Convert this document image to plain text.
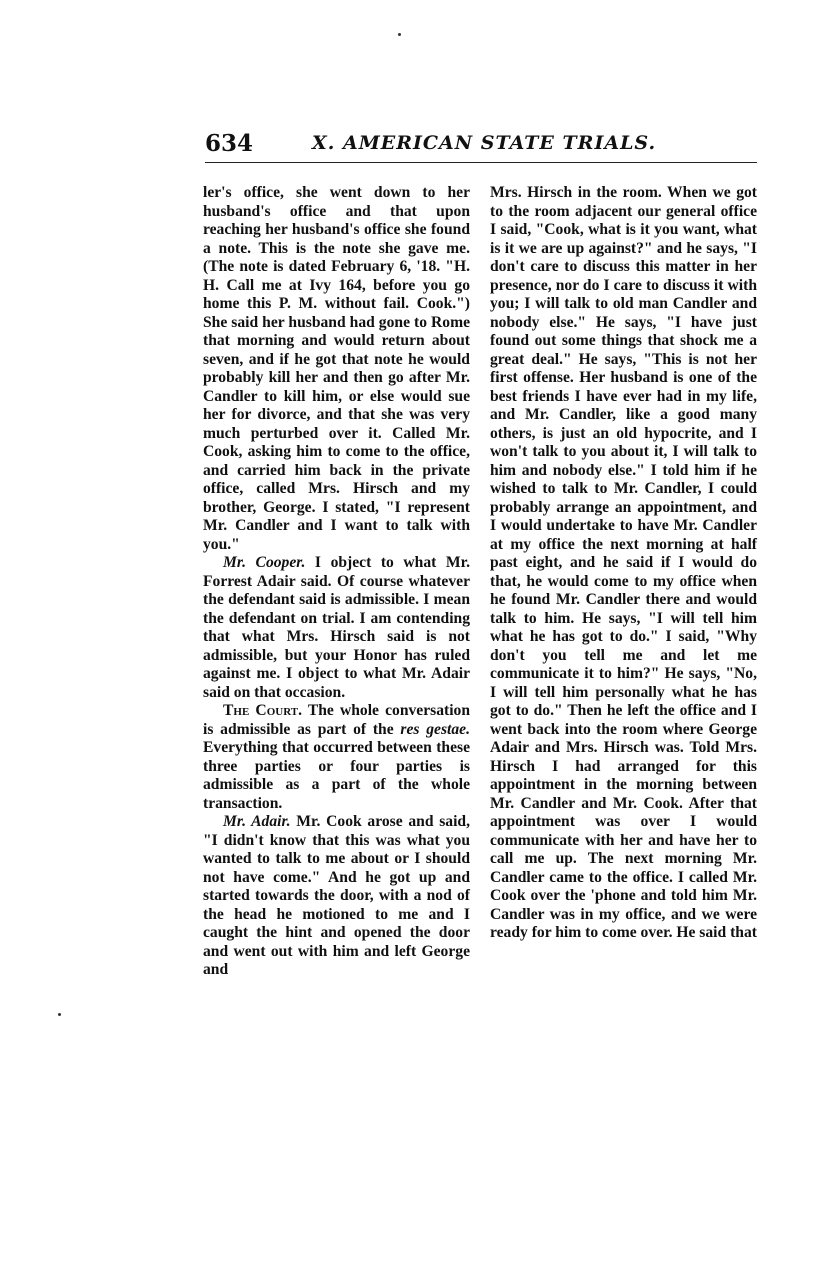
634	X. AMERICAN STATE TRIALS.

ler's office, she went down to her husband's office and that upon reaching her husband's office she found a note. This is the note she gave me. (The note is dated February 6, '18. "H. H. Call me at Ivy 164, before you go home this P. M. without fail. Cook.") She said her husband had gone to Rome that morning and would return about seven, and if he got that note he would probably kill her and then go after Mr. Candler to kill him, or else would sue her for divorce, and that she was very much perturbed over it. Called Mr. Cook, asking him to come to the office, and carried him back in the private office, called Mrs. Hirsch and my brother, George. I stated, "I represent Mr. Candler and I want to talk with you."

Mr. Cooper. I object to what Mr. Forrest Adair said. Of course whatever the defendant said is admissible. I mean the defendant on trial. I am contending that what Mrs. Hirsch said is not admissible, but your Honor has ruled against me. I object to what Mr. Adair said on that occasion.

The Court. The whole conversation is admissible as part of the res gestae. Everything that occurred between these three parties or four parties is admissible as a part of the whole transaction.

Mr. Adair. Mr. Cook arose and said, "I didn't know that this was what you wanted to talk to me about or I should not have come." And he got up and started towards the door, with a nod of the head he motioned to me and I caught the hint and opened the door and went out with him and left George and

Mrs. Hirsch in the room. When we got to the room adjacent our general office I said, "Cook, what is it you want, what is it we are up against?" and he says, "I don't care to discuss this matter in her presence, nor do I care to discuss it with you; I will talk to old man Candler and nobody else." He says, "I have just found out some things that shock me a great deal." He says, "This is not her first offense. Her husband is one of the best friends I have ever had in my life, and Mr. Candler, like a good many others, is just an old hypocrite, and I won't talk to you about it, I will talk to him and nobody else." I told him if he wished to talk to Mr. Candler, I could probably arrange an appointment, and I would undertake to have Mr. Candler at my office the next morning at half past eight, and he said if I would do that, he would come to my office when he found Mr. Candler there and would talk to him. He says, "I will tell him what he has got to do." I said, "Why don't you tell me and let me communicate it to him?" He says, "No, I will tell him personally what he has got to do." Then he left the office and I went back into the room where George Adair and Mrs. Hirsch was. Told Mrs. Hirsch I had arranged for this appointment in the morning between Mr. Candler and Mr. Cook. After that appointment was over I would communicate with her and have her to call me up. The next morning Mr. Candler came to the office. I called Mr. Cook over the 'phone and told him Mr. Candler was in my office, and we were ready for him to come over. He said that
